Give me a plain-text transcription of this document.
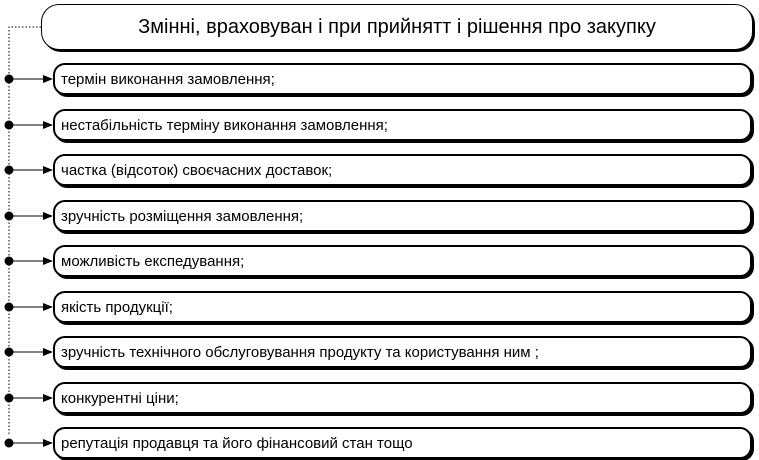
Змінні, враховуван і при прийнятт і рішення про закупку
термін виконання замовлення;
нестабільність терміну виконання замовлення;
частка (відсоток) своєчасних доставок;
зручність розміщення замовлення;
можливість експедування;
якість продукції;
зручність технічного обслуговування продукту та користування ним ;
конкурентні ціни;
репутація продавця та його фінансовий стан тощо
